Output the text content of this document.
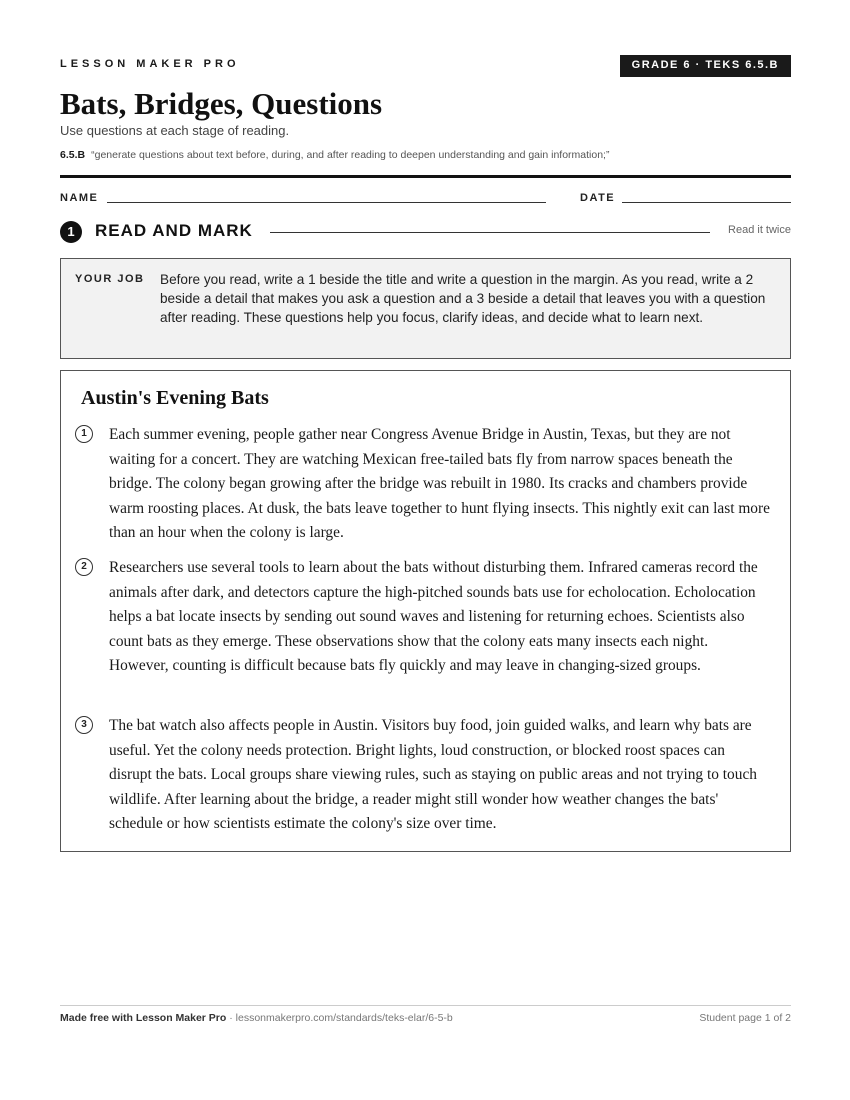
LESSON MAKER PRO	GRADE 6 · TEKS 6.5.B
Bats, Bridges, Questions
Use questions at each stage of reading.
6.5.B “generate questions about text before, during, and after reading to deepen understanding and gain information;”
NAME	DATE
1	READ AND MARK	Read it twice
YOUR JOB Before you read, write a 1 beside the title and write a question in the margin. As you read, write a 2 beside a detail that makes you ask a question and a 3 beside a detail that leaves you with a question after reading. These questions help you focus, clarify ideas, and decide what to learn next.
Austin's Evening Bats
1	Each summer evening, people gather near Congress Avenue Bridge in Austin, Texas, but they are not waiting for a concert. They are watching Mexican free-tailed bats fly from narrow spaces beneath the bridge. The colony began growing after the bridge was rebuilt in 1980. Its cracks and chambers provide warm roosting places. At dusk, the bats leave together to hunt flying insects. This nightly exit can last more than an hour when the colony is large.

2	Researchers use several tools to learn about the bats without disturbing them. Infrared cameras record the animals after dark, and detectors capture the high-pitched sounds bats use for echolocation. Echolocation helps a bat locate insects by sending out sound waves and listening for returning echoes. Scientists also count bats as they emerge. These observations show that the colony eats many insects each night. However, counting is difficult because bats fly quickly and may leave in changing-sized groups.

3	The bat watch also affects people in Austin. Visitors buy food, join guided walks, and learn why bats are useful. Yet the colony needs protection. Bright lights, loud construction, or blocked roost spaces can disrupt the bats. Local groups share viewing rules, such as staying on public areas and not trying to touch wildlife. After learning about the bridge, a reader might still wonder how weather changes the bats' schedule or how scientists estimate the colony's size over time.

Made free with Lesson Maker Pro · lessonmakerpro.com/standards/teks-elar/6-5-b	Student page 1 of 2
